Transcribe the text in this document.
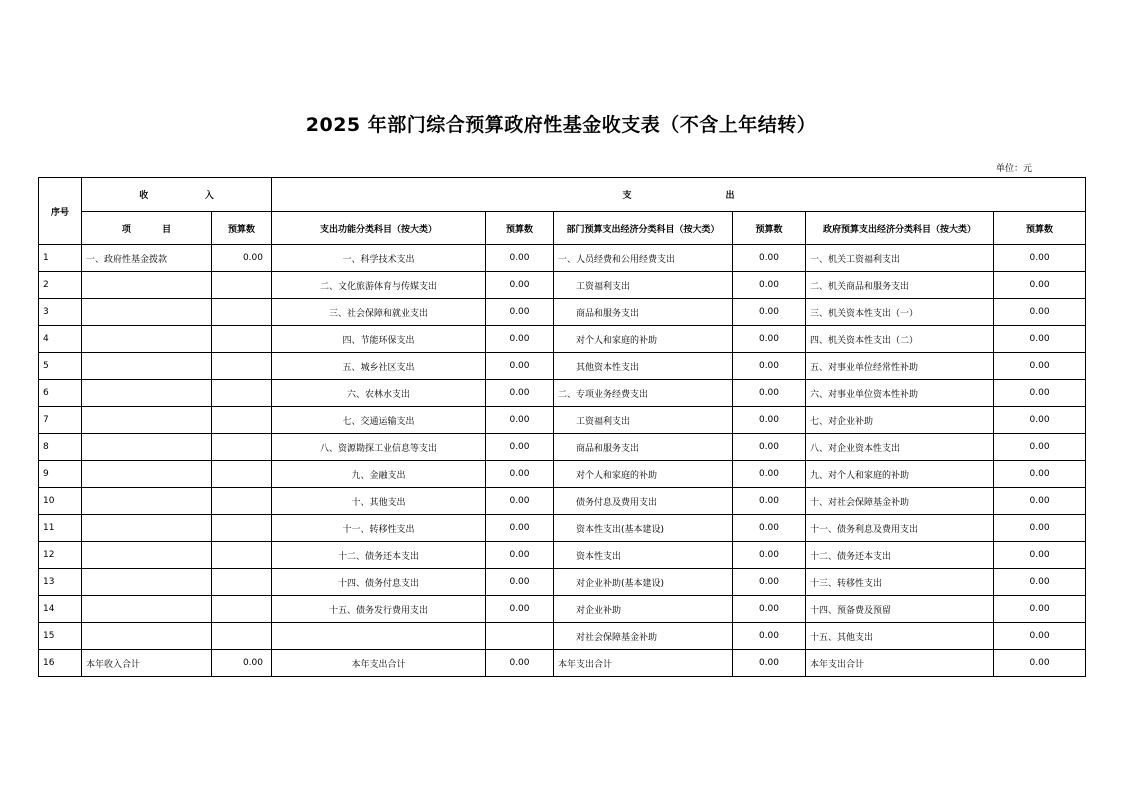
2025 年部门综合预算政府性基金收支表（不含上年结转）
单位：元
序号	收                  入		支                              出					
	项          目	预算数	支出功能分类科目（按大类）	预算数	部门预算支出经济分类科目（按大类）	预算数	政府预算支出经济分类科目（按大类）	预算数
1	一、政府性基金拨款	0.00	一、科学技术支出	0.00	一、人员经费和公用经费支出	0.00	一、机关工资福利支出	0.00
2			二、文化旅游体育与传媒支出	0.00	工资福利支出	0.00	二、机关商品和服务支出	0.00
3			三、社会保障和就业支出	0.00	商品和服务支出	0.00	三、机关资本性支出（一）	0.00
4			四、节能环保支出	0.00	对个人和家庭的补助	0.00	四、机关资本性支出（二）	0.00
5			五、城乡社区支出	0.00	其他资本性支出	0.00	五、对事业单位经常性补助	0.00
6			六、农林水支出	0.00	二、专项业务经费支出	0.00	六、对事业单位资本性补助	0.00
7			七、交通运输支出	0.00	工资福利支出	0.00	七、对企业补助	0.00
8			八、资源勘探工业信息等支出	0.00	商品和服务支出	0.00	八、对企业资本性支出	0.00
9			九、金融支出	0.00	对个人和家庭的补助	0.00	九、对个人和家庭的补助	0.00
10			十、其他支出	0.00	债务付息及费用支出	0.00	十、对社会保障基金补助	0.00
11			十一、转移性支出	0.00	资本性支出(基本建设)	0.00	十一、债务利息及费用支出	0.00
12			十二、债务还本支出	0.00	资本性支出	0.00	十二、债务还本支出	0.00
13			十四、债务付息支出	0.00	对企业补助(基本建设)	0.00	十三、转移性支出	0.00
14			十五、债务发行费用支出	0.00	对企业补助	0.00	十四、预备费及预留	0.00
15					对社会保障基金补助	0.00	十五、其他支出	0.00
16	本年收入合计	0.00	本年支出合计	0.00	本年支出合计	0.00	本年支出合计	0.00
